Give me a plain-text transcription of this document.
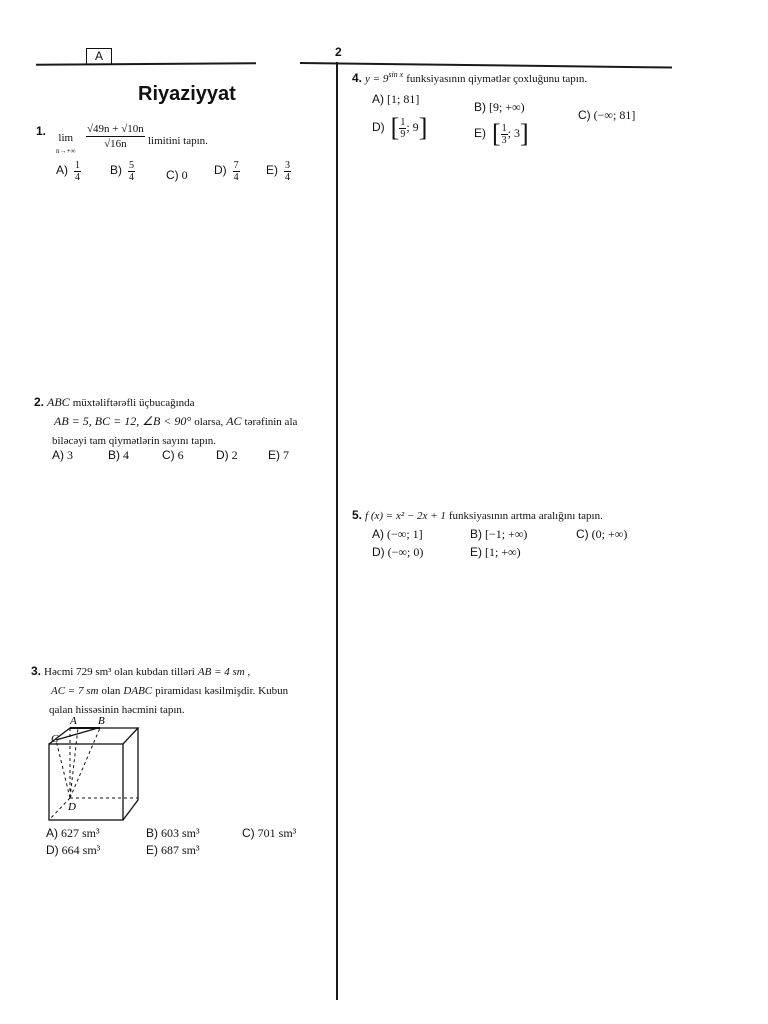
A	2
Riyaziyyat
1. lim
$n\to+\infty \frac{√49n + √10n}{√16n}$ limitini tapın.
$A) \frac{1}{4} B) \frac{5}{4}$	C) 0 $D) \frac{7}{4} E) \frac{3}{4}$
2. ABC müxtəliftərəfli üçbucağında
AB = 5, BC = 12, ∠B < 90° olarsa, AC tərəfinin ala
biləcəyi tam qiymətlərin sayını tapın.
A) 3	B) 4	C) 6	D) 2	E) 7
3. Həcmi 729 sm³ olan kubdan tilləri AB = 4 sm ,
AC = 7 sm olan DABC piramidası kəsilmişdir. Kubun
qalan hissəsinin həcmini tapın.
A B
C
D
A) 627 sm³	B) 603 sm³	C) 701 sm³
D) 664 sm³	E) 687 sm³
4. $y = 9^{sin x}$ funksiyasının qiymətlər çoxluğunu tapın.
A) [1; 81]
B) [9; +∞)
C) (−∞; 81]
D) [ $\frac{1}{9}$ ; 9]	E) [ $\frac{1}{3}$ ; 3]
5. f (x) = x² − 2x + 1 funksiyasının artma aralığını tapın.
A) (−∞; 1]	B) [−1; +∞)	C) (0; +∞)
D) (−∞; 0)	E) [1; +∞)
